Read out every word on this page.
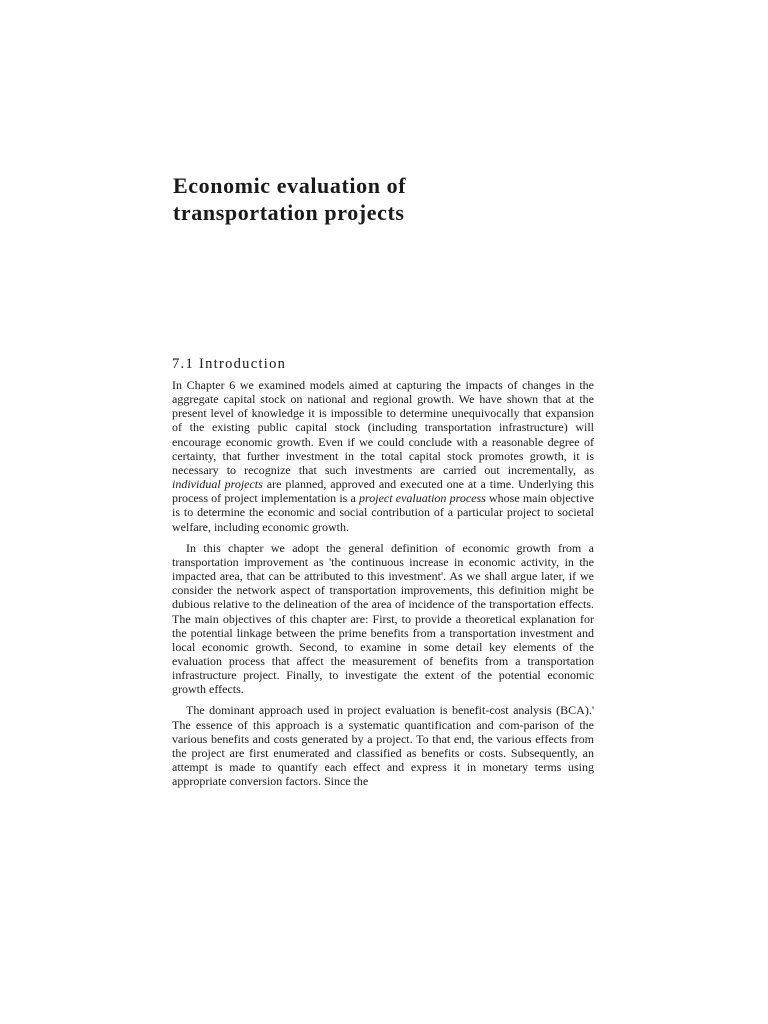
Economic evaluation of
transportation projects
7.1 Introduction

In Chapter 6 we examined models aimed at capturing the impacts of changes in the aggregate capital stock on national and regional growth. We have shown that at the present level of knowledge it is impossible to determine unequivocally that expansion of the existing public capital stock (including transportation infrastructure) will encourage economic growth. Even if we could conclude with a reasonable degree of certainty, that further investment in the total capital stock promotes growth, it is necessary to recognize that such investments are carried out incrementally, as individual projects are planned, approved and executed one at a time. Underlying this process of project implementation is a project evaluation process whose main objective is to determine the economic and social contribution of a particular project to societal welfare, including economic growth.

In this chapter we adopt the general definition of economic growth from a transportation improvement as 'the continuous increase in economic activity, in the impacted area, that can be attributed to this investment'. As we shall argue later, if we consider the network aspect of transportation improvements, this definition might be dubious relative to the delineation of the area of incidence of the transportation effects. The main objectives of this chapter are: First, to provide a theoretical explanation for the potential linkage between the prime benefits from a transportation investment and local economic growth. Second, to examine in some detail key elements of the evaluation process that affect the measurement of benefits from a transportation infrastructure project. Finally, to investigate the extent of the potential economic growth effects.

The dominant approach used in project evaluation is benefit-cost analysis (BCA).' The essence of this approach is a systematic quantification and com-parison of the various benefits and costs generated by a project. To that end, the various effects from the project are first enumerated and classified as benefits or costs. Subsequently, an attempt is made to quantify each effect and express it in monetary terms using appropriate conversion factors. Since the
